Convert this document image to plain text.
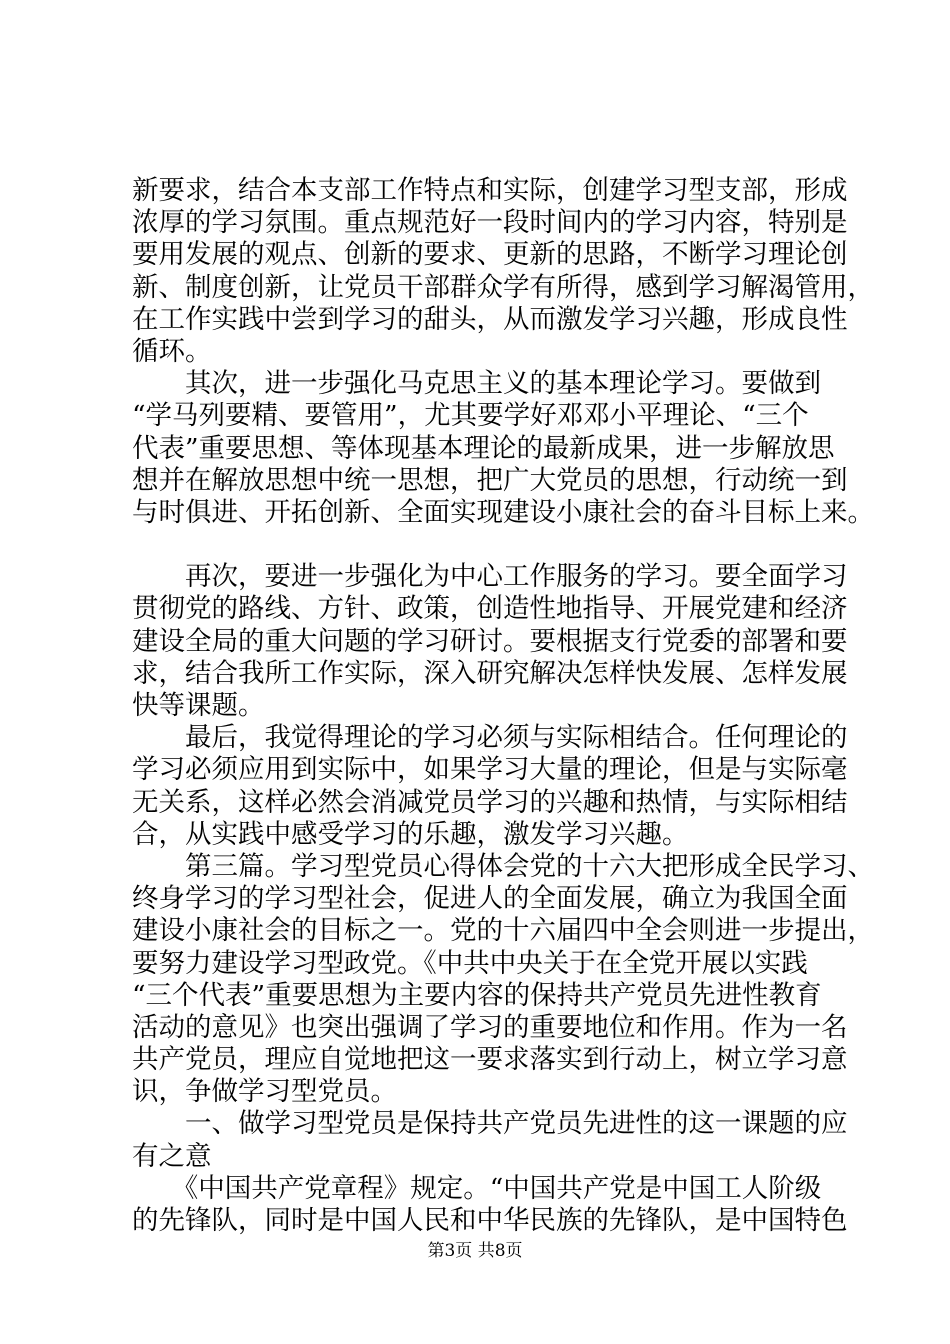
新要求，结合本支部工作特点和实际，创建学习型支部，形成
浓厚的学习氛围。重点规范好一段时间内的学习内容，特别是
要用发展的观点、创新的要求、更新的思路，不断学习理论创
新、制度创新，让党员干部群众学有所得，感到学习解渴管用，
在工作实践中尝到学习的甜头，从而激发学习兴趣，形成良性
循环。
　　其次，进一步强化马克思主义的基本理论学习。要做到
“学马列要精、要管用”，尤其要学好邓邓小平理论、“三个
代表”重要思想、等体现基本理论的最新成果，进一步解放思
想并在解放思想中统一思想，把广大党员的思想，行动统一到
与时俱进、开拓创新、全面实现建设小康社会的奋斗目标上来。
　　再次，要进一步强化为中心工作服务的学习。要全面学习
贯彻党的路线、方针、政策，创造性地指导、开展党建和经济
建设全局的重大问题的学习研讨。要根据支行党委的部署和要
求，结合我所工作实际，深入研究解决怎样快发展、怎样发展
快等课题。
　　最后，我觉得理论的学习必须与实际相结合。任何理论的
学习必须应用到实际中，如果学习大量的理论，但是与实际毫
无关系，这样必然会消减党员学习的兴趣和热情，与实际相结
合，从实践中感受学习的乐趣，激发学习兴趣。
　　第三篇。学习型党员心得体会党的十六大把形成全民学习、
终身学习的学习型社会，促进人的全面发展，确立为我国全面
建设小康社会的目标之一。党的十六届四中全会则进一步提出，
要努力建设学习型政党。《中共中央关于在全党开展以实践
“三个代表”重要思想为主要内容的保持共产党员先进性教育
活动的意见》也突出强调了学习的重要地位和作用。作为一名
共产党员，理应自觉地把这一要求落实到行动上，树立学习意
识，争做学习型党员。
　　一、做学习型党员是保持共产党员先进性的这一课题的应
有之意
　　《中国共产党章程》规定。“中国共产党是中国工人阶级
的先锋队，同时是中国人民和中华民族的先锋队，是中国特色
第3页 共8页
